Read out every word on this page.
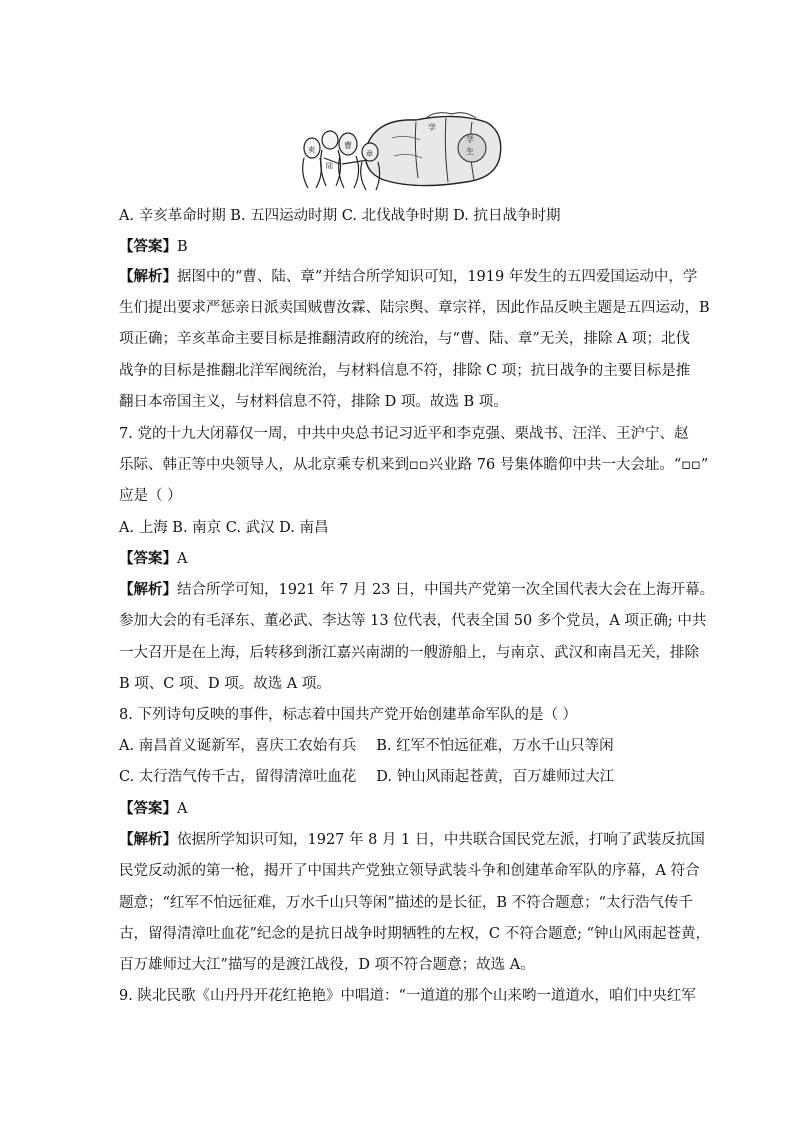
卖	曹
章
陆
学
学
生
A. 辛亥革命时期 B. 五四运动时期 C. 北伐战争时期 D. 抗日战争时期
【答案】B
【解析】据图中的“曹、陆、章”并结合所学知识可知，1919 年发生的五四爱国运动中，学
生们提出要求严惩亲日派卖国贼曹汝霖、陆宗舆、章宗祥，因此作品反映主题是五四运动，B
项正确；辛亥革命主要目标是推翻清政府的统治，与“曹、陆、章”无关，排除 A 项；北伐
战争的目标是推翻北洋军阀统治，与材料信息不符，排除 C 项；抗日战争的主要目标是推
翻日本帝国主义，与材料信息不符，排除 D 项。故选 B 项。
7. 党的十九大闭幕仅一周，中共中央总书记习近平和李克强、栗战书、汪洋、王沪宁、赵
乐际、韩正等中央领导人，从北京乘专机来到▫▫兴业路 76 号集体瞻仰中共一大会址。“▫▫”
应是（ ）
A. 上海 B. 南京 C. 武汉 D. 南昌
【答案】A
【解析】结合所学可知，1921 年 7 月 23 日，中国共产党第一次全国代表大会在上海开幕。
参加大会的有毛泽东、董必武、李达等 13 位代表，代表全国 50 多个党员，A 项正确; 中共
一大召开是在上海，后转移到浙江嘉兴南湖的一艘游船上，与南京、武汉和南昌无关，排除
B 项、C 项、D 项。故选 A 项。
8. 下列诗句反映的事件，标志着中国共产党开始创建革命军队的是（ ）
A. 南昌首义诞新军，喜庆工农始有兵 B. 红军不怕远征难，万水千山只等闲
C. 太行浩气传千古，留得清漳吐血花 D. 钟山风雨起苍黄，百万雄师过大江
【答案】A
【解析】依据所学知识可知，1927 年 8 月 1 日，中共联合国民党左派，打响了武装反抗国
民党反动派的第一枪，揭开了中国共产党独立领导武装斗争和创建革命军队的序幕，A 符合
题意；“红军不怕远征难，万水千山只等闲”描述的是长征，B 不符合题意；“太行浩气传千
古，留得清漳吐血花”纪念的是抗日战争时期牺牲的左权，C 不符合题意; “钟山风雨起苍黄，
百万雄师过大江”描写的是渡江战役，D 项不符合题意；故选 A。
9. 陕北民歌《山丹丹开花红艳艳》中唱道：“一道道的那个山来哟一道道水，咱们中央红军
